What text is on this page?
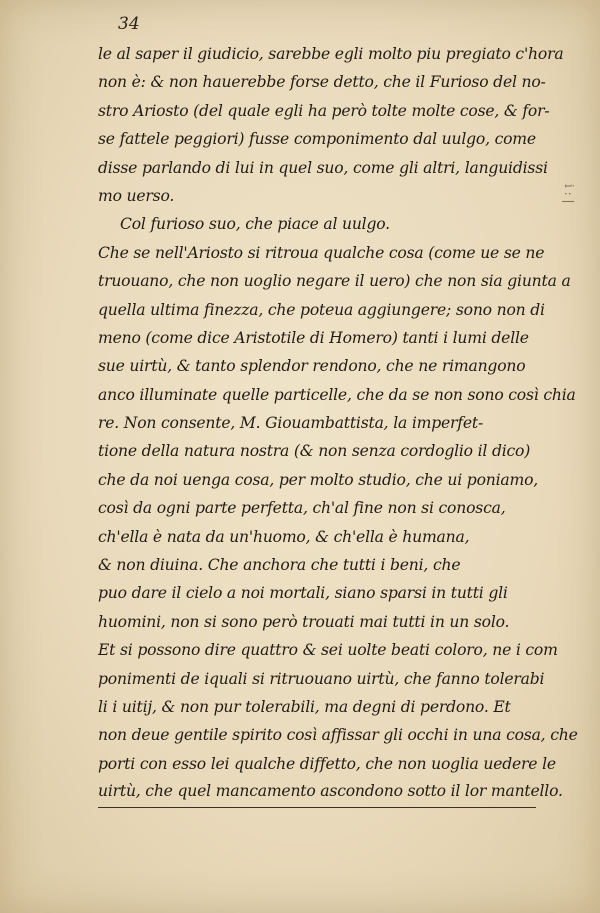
34
le al saper il giudicio, sarebbe egli molto piu pregiato c'hora
non è: & non hauerebbe forse detto, che il Furioso del no-
stro Ariosto (del quale egli ha però tolte molte cose, & for-
se fattele peggiori) fusse componimento dal uulgo, come
disse parlando di lui in quel suo, come gli altri, languidissi
mo uerso.
Col furioso suo, che piace al uulgo.
Che se nell'Ariosto si ritroua qualche cosa (come ue se ne
truouano, che non uoglio negare il uero) che non sia giunta a
quella ultima finezza, che poteua aggiungere; sono non di
meno (come dice Aristotile di Homero) tanti i lumi delle
sue uirtù, & tanto splendor rendono, che ne rimangono
anco illuminate quelle particelle, che da se non sono così chia
re. Non consente, M. Giouambattista, la imperfet-
tione della natura nostra (& non senza cordoglio il dico)
che da noi uenga cosa, per molto studio, che ui poniamo,
così da ogni parte perfetta, ch'al fine non si conosca,
ch'ella è nata da un'huomo, & ch'ella è humana,
& non diuina. Che anchora che tutti i beni, che
puo dare il cielo a noi mortali, siano sparsi in tutti gli
huomini, non si sono però trouati mai tutti in un solo.
Et si possono dire quattro & sei uolte beati coloro, ne i com
ponimenti de iquali si ritruouano uirtù, che fanno tolerabi
li i uitij, & non pur tolerabili, ma degni di perdono. Et
non deue gentile spirito così affissar gli occhi in una cosa, che
porti con esso lei qualche diffetto, che non uoglia uedere le
uirtù, che quel mancamento ascondono sotto il lor mantello.
i : |
